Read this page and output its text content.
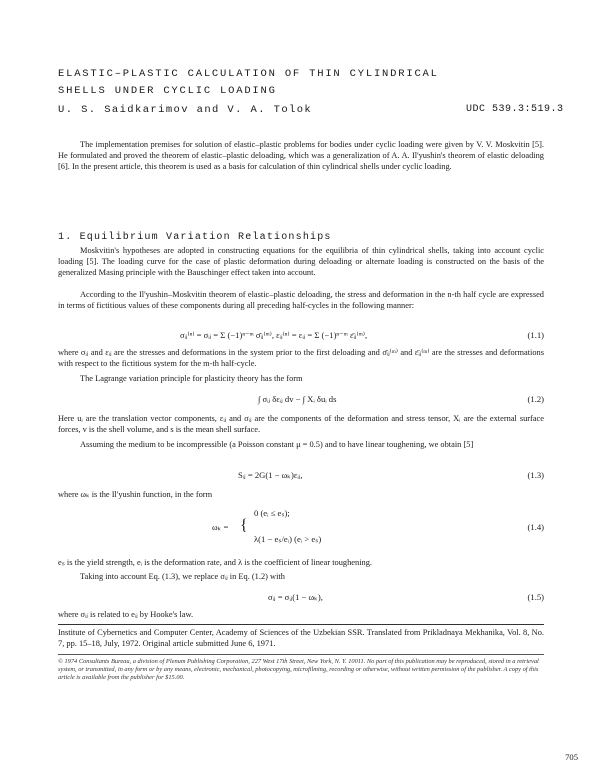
ELASTIC–PLASTIC CALCULATION OF THIN CYLINDRICAL
SHELLS UNDER CYCLIC LOADING
U. S. Saidkarimov and V. A. Tolok	UDC 539.3:519.3
The implementation premises for solution of elastic–plastic problems for bodies under cyclic loading were given by V. V. Moskvitin [5]. He formulated and proved the theorem of elastic–plastic deloading, which was a generalization of A. A. Il'yushin's theorem of elastic deloading [6]. In the present article, this theorem is used as a basis for calculation of thin cylindrical shells under cyclic loading.
1. Equilibrium Variation Relationships
Moskvitin's hypotheses are adopted in constructing equations for the equilibria of thin cylindrical shells, taking into account cyclic loading [5]. The loading curve for the case of plastic deformation during deloading or alternate loading is constructed on the basis of the generalized Masing principle with the Bauschinger effect taken into account.
According to the Il'yushin–Moskvitin theorem of elastic–plastic deloading, the stress and deformation in the n-th half cycle are expressed in terms of fictitious values of these components during all preceding half-cycles in the following manner:
σᵢⱼ⁽ⁿ⁾ = σᵢⱼ = Σ (−1)ⁿ⁻ᵐ σ̄ᵢⱼ⁽ᵐ⁾, εᵢⱼ⁽ⁿ⁾ = εᵢⱼ = Σ (−1)ⁿ⁻ᵐ ε̄ᵢⱼ⁽ᵐ⁾,	(1.1)
where σᵢⱼ and εᵢⱼ are the stresses and deformations in the system prior to the first deloading and σ̄ᵢⱼ⁽ᵐ⁾ and ε̄ᵢⱼ⁽ᵐ⁾ are the stresses and deformations with respect to the fictitious system for the m-th half-cycle.
The Lagrange variation principle for plasticity theory has the form
∫ σᵢⱼ δεᵢⱼ dv − ∫ Xᵢ δuᵢ ds	(1.2)
Here uᵢ are the translation vector components, εᵢⱼ and σᵢⱼ are the components of the deformation and stress tensor, Xᵢ are the external surface forces, v is the shell volume, and s is the mean shell surface.
Assuming the medium to be incompressible (a Poisson constant μ = 0.5) and to have linear toughening, we obtain [5]
Sᵢⱼ = 2G(1 − ωₖ)εᵢⱼ,	(1.3)
where ωₖ is the Il'yushin function, in the form
ωₖ = {
0 (eᵢ ≤ eₛ);
λ(1 − eₛ/eᵢ) (eᵢ > eₛ)
(1.4)
eₛ is the yield strength, eᵢ is the deformation rate, and λ is the coefficient of linear toughening.
Taking into account Eq. (1.3), we replace σᵢⱼ in Eq. (1.2) with
σᵢⱼ = σᵢⱼ(1 − ωₖ),	(1.5)
where σᵢⱼ is related to eᵢⱼ by Hooke's law.
Institute of Cybernetics and Computer Center, Academy of Sciences of the Uzbekian SSR. Translated from Prikladnaya Mekhanika, Vol. 8, No. 7, pp. 15–18, July, 1972. Original article submitted June 6, 1971.
© 1974 Consultants Bureau, a division of Plenum Publishing Corporation, 227 West 17th Street, New York, N. Y. 10011. No part of this publication may be reproduced, stored in a retrieval system, or transmitted, in any form or by any means, electronic, mechanical, photocopying, microfilming, recording or otherwise, without written permission of the publisher. A copy of this article is available from the publisher for $15.00.
705
